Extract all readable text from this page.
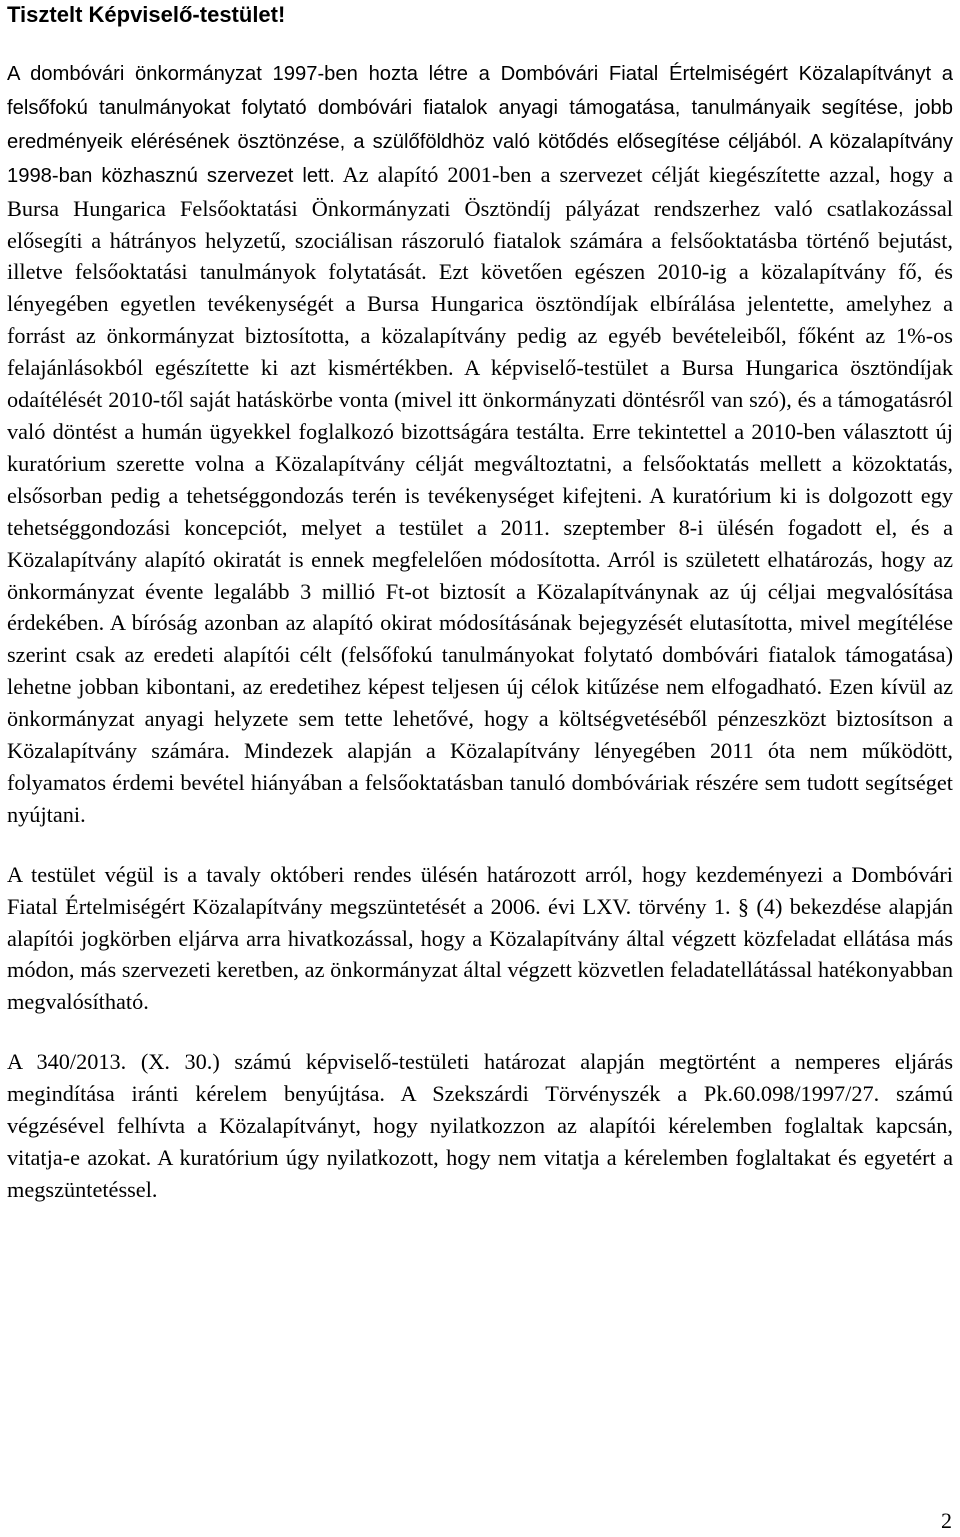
Tisztelt Képviselő-testület!

A dombóvári önkormányzat 1997-ben hozta létre a Dombóvári Fiatal Értelmiségért Közalapítványt a felsőfokú tanulmányokat folytató dombóvári fiatalok anyagi támogatása, tanulmányaik segítése, jobb eredményeik elérésének ösztönzése, a szülőföldhöz való kötődés elősegítése céljából. A közalapítvány 1998-ban közhasznú szervezet lett. Az alapító 2001-ben a szervezet célját kiegészítette azzal, hogy a Bursa Hungarica Felsőoktatási Önkormányzati Ösztöndíj pályázat rendszerhez való csatlakozással elősegíti a hátrányos helyzetű, szociálisan rászoruló fiatalok számára a felsőoktatásba történő bejutást, illetve felsőoktatási tanulmányok folytatását. Ezt követően egészen 2010-ig a közalapítvány fő, és lényegében egyetlen tevékenységét a Bursa Hungarica ösztöndíjak elbírálása jelentette, amelyhez a forrást az önkormányzat biztosította, a közalapítvány pedig az egyéb bevételeiből, főként az 1%-os felajánlásokból egészítette ki azt kismértékben. A képviselő-testület a Bursa Hungarica ösztöndíjak odaítélését 2010-től saját hatáskörbe vonta (mivel itt önkormányzati döntésről van szó), és a támogatásról való döntést a humán ügyekkel foglalkozó bizottságára testálta. Erre tekintettel a 2010-ben választott új kuratórium szerette volna a Közalapítvány célját megváltoztatni, a felsőoktatás mellett a közoktatás, elsősorban pedig a tehetséggondozás terén is tevékenységet kifejteni. A kuratórium ki is dolgozott egy tehetséggondozási koncepciót, melyet a testület a 2011. szeptember 8-i ülésén fogadott el, és a Közalapítvány alapító okiratát is ennek megfelelően módosította. Arról is született elhatározás, hogy az önkormányzat évente legalább 3 millió Ft-ot biztosít a Közalapítványnak az új céljai megvalósítása érdekében. A bíróság azonban az alapító okirat módosításának bejegyzését elutasította, mivel megítélése szerint csak az eredeti alapítói célt (felsőfokú tanulmányokat folytató dombóvári fiatalok támogatása) lehetne jobban kibontani, az eredetihez képest teljesen új célok kitűzése nem elfogadható. Ezen kívül az önkormányzat anyagi helyzete sem tette lehetővé, hogy a költségvetéséből pénzeszközt biztosítson a Közalapítvány számára. Mindezek alapján a Közalapítvány lényegében 2011 óta nem működött, folyamatos érdemi bevétel hiányában a felsőoktatásban tanuló dombóváriak részére sem tudott segítséget nyújtani.

A testület végül is a tavaly októberi rendes ülésén határozott arról, hogy kezdeményezi a Dombóvári Fiatal Értelmiségért Közalapítvány megszüntetését a 2006. évi LXV. törvény 1. § (4) bekezdése alapján alapítói jogkörben eljárva arra hivatkozással, hogy a Közalapítvány által végzett közfeladat ellátása más módon, más szervezeti keretben, az önkormányzat által végzett közvetlen feladatellátással hatékonyabban megvalósítható.

A 340/2013. (X. 30.) számú képviselő-testületi határozat alapján megtörtént a nemperes eljárás megindítása iránti kérelem benyújtása. A Szekszárdi Törvényszék a Pk.60.098/1997/27. számú végzésével felhívta a Közalapítványt, hogy nyilatkozzon az alapítói kérelemben foglaltak kapcsán, vitatja-e azokat. A kuratórium úgy nyilatkozott, hogy nem vitatja a kérelemben foglaltakat és egyetért a megszüntetéssel.

2
